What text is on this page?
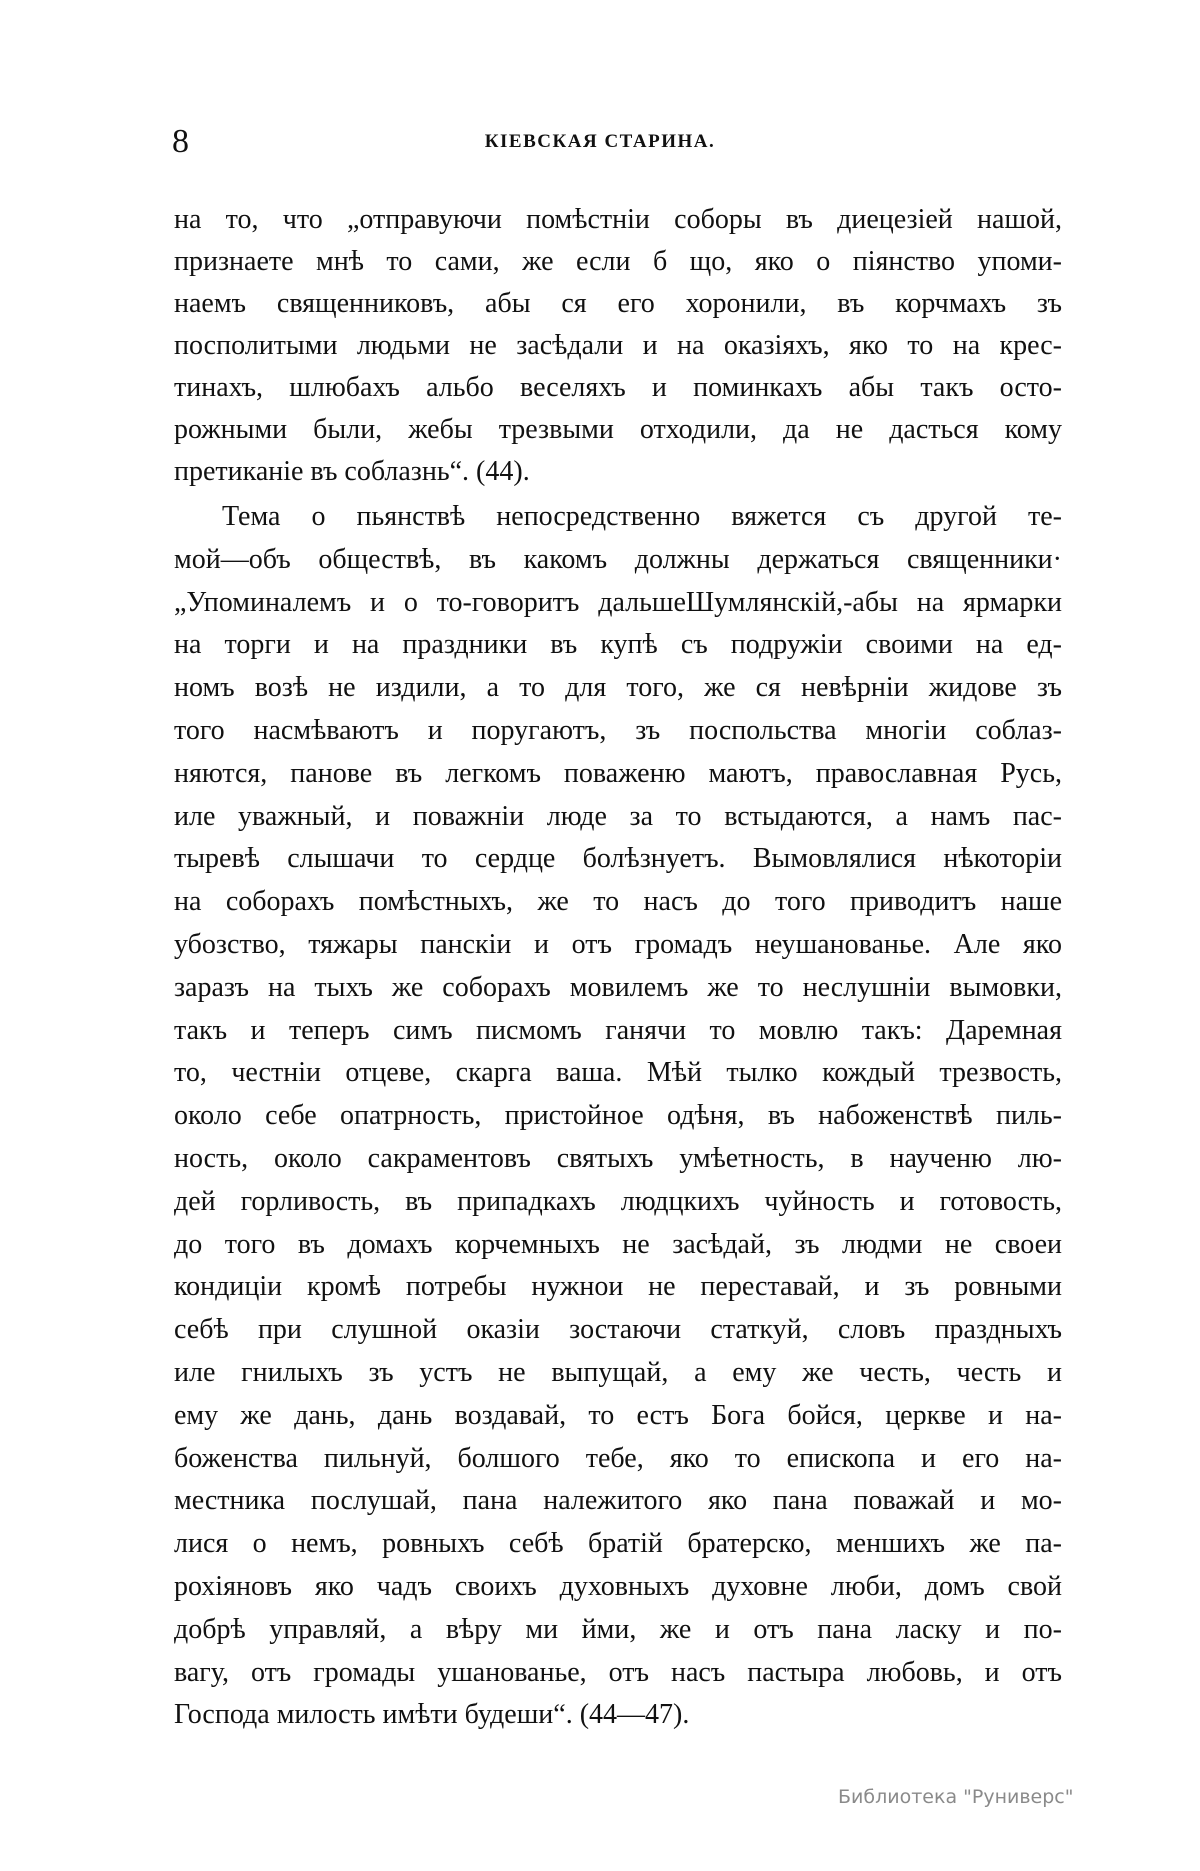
8	КІЕВСКАЯ СТАРИНА.
на то, что „отправуючи помѣстніи соборы въ диецезіей нашой,
признаете мнѣ то сами, же если б що, яко о піянство упоми-
наемъ священниковъ, абы ся его хоронили, въ корчмахъ зъ
посполитыми людьми не засѣдали и на оказіяхъ, яко то на крес-
тинахъ, шлюбахъ альбо веселяхъ и поминкахъ абы такъ осто-
рожными были, жебы трезвыми отходили, да не дасться кому
претиканіе въ соблазнь“. (44).
Тема о пьянствѣ непосредственно вяжется съ другой те-
мой—объ обществѣ, въ какомъ должны держаться священники·
„Упоминалемъ и о то-говоритъ дальшеШумлянскій,-абы на ярмарки
на торги и на праздники въ купѣ съ подружіи своими на ед-
номъ возѣ не издили, а то для того, же ся невѣрніи жидове зъ
того насмѣваютъ и поругаютъ, зъ поспольства многіи соблаз-
няются, панове въ легкомъ поваженю маютъ, православная Русь,
иле уважный, и поважніи люде за то встыдаются, а намъ пас-
тыревѣ слышачи то сердце болѣзнуетъ. Вымовлялися нѣкоторіи
на соборахъ помѣстныхъ, же то насъ до того приводитъ наше
убозство, тяжары панскіи и отъ громадъ неушанованье. Але яко
заразъ на тыхъ же соборахъ мовилемъ же то неслушніи вымовки,
такъ и теперъ симъ писмомъ ганячи то мовлю такъ: Даремная
то, честніи отцеве, скарга ваша. Мѣй тылко кождый трезвость,
около себе опатрность, пристойное одѣня, въ набоженствѣ пиль-
ность, около сакраментовъ святыхъ умѣетность, в наученю лю-
дей горливость, въ припадкахъ людцкихъ чуйность и готовость,
до того въ домахъ корчемныхъ не засѣдай, зъ людми не своеи
кондиціи кромѣ потребы нужнои не переставай, и зъ ровными
себѣ при слушной оказіи зостаючи статкуй, словъ праздныхъ
иле гнилыхъ зъ устъ не выпущай, а ему же честь, честь и
ему же дань, дань воздавай, то естъ Бога бойся, церкве и на-
боженства пильнуй, болшого тебе, яко то епископа и его на-
местника послушай, пана належитого яко пана поважай и мо-
лися о немъ, ровныхъ себѣ братій братерско, меншихъ же па-
рохіяновъ яко чадъ своихъ духовныхъ духовне люби, домъ свой
добрѣ управляй, а вѣру ми йми, же и отъ пана ласку и по-
вагу, отъ громады ушанованье, отъ насъ пастыра любовь, и отъ
Господа милость имѣти будеши“. (44—47).
Библиотека "Руниверс"
